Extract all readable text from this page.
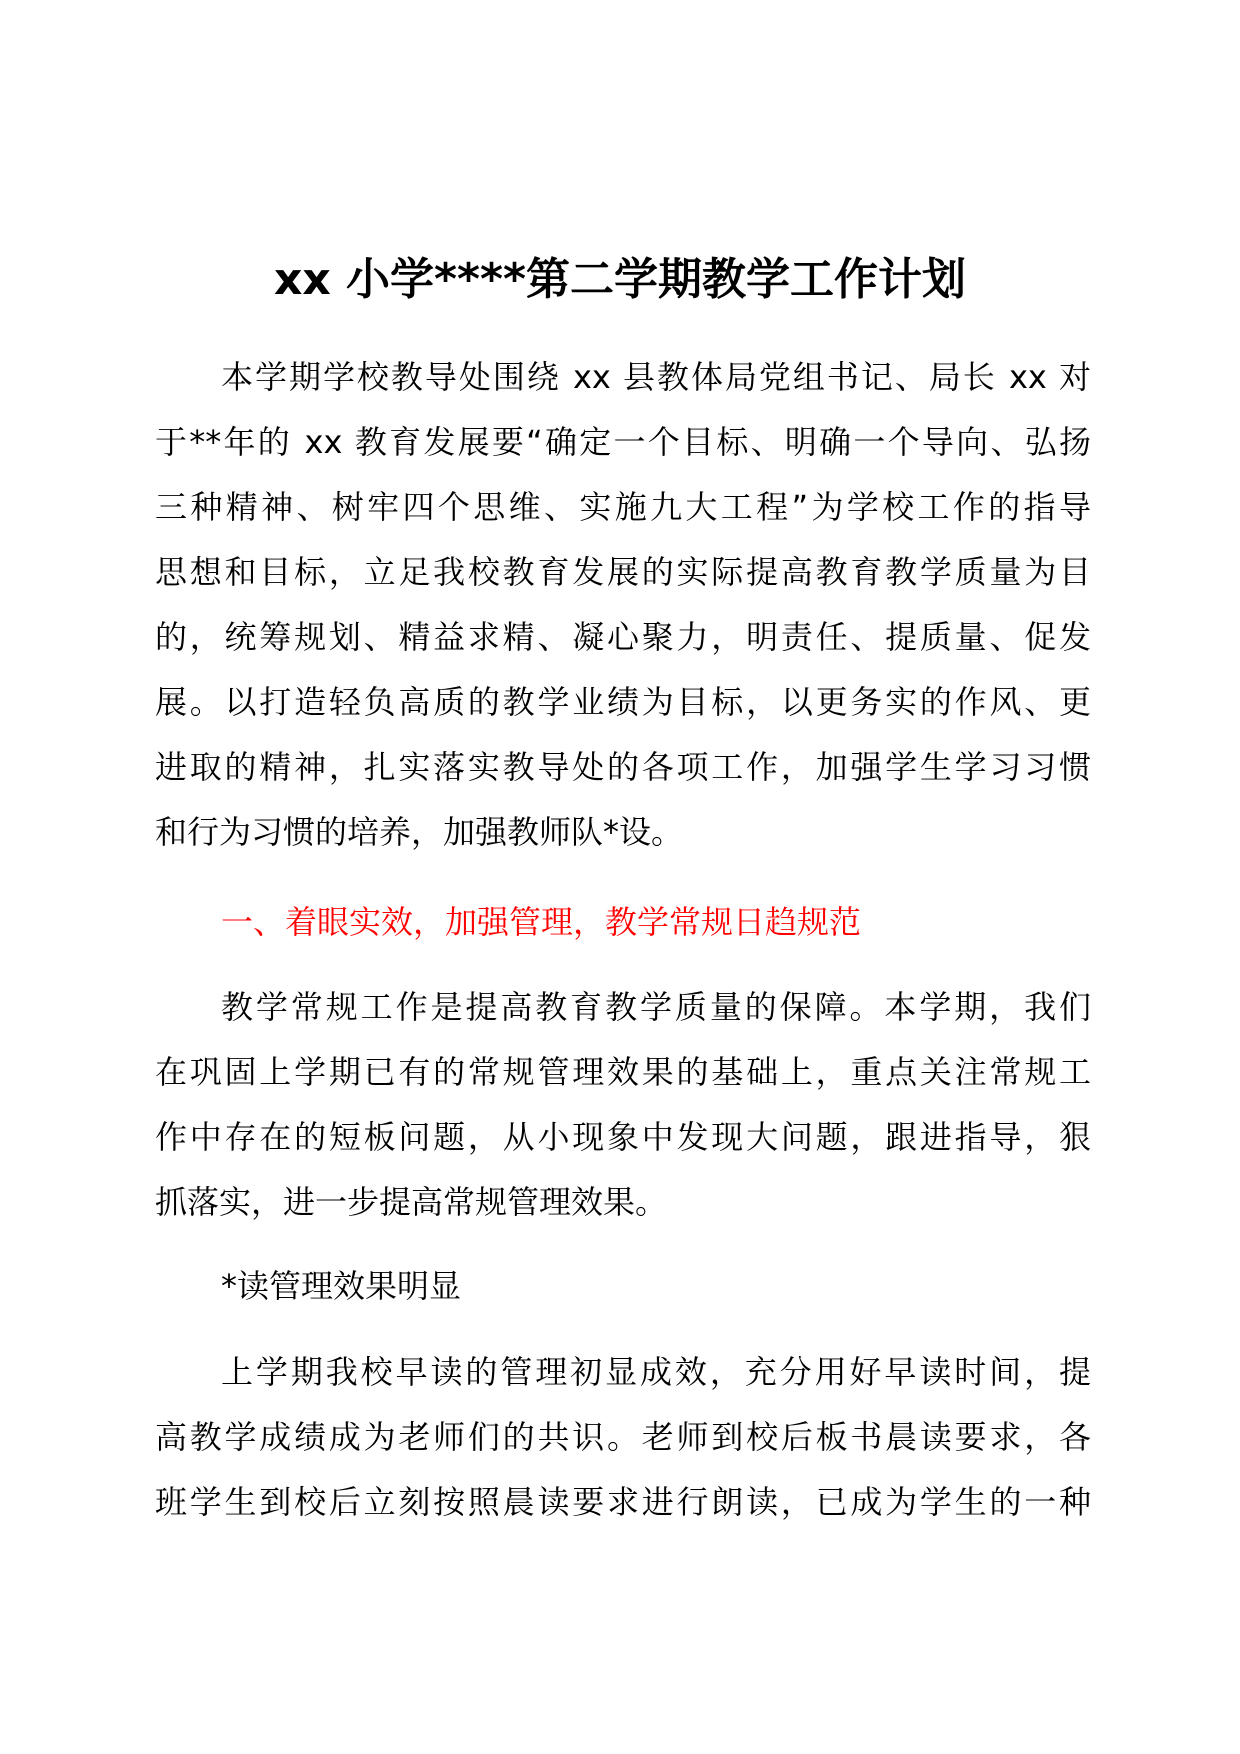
xx 小学****第二学期教学工作计划
本学期学校教导处围绕 xx 县教体局党组书记、局长 xx 对
于**年的 xx 教育发展要“确定一个目标、明确一个导向、弘扬
三种精神、树牢四个思维、实施九大工程”为学校工作的指导
思想和目标，立足我校教育发展的实际提高教育教学质量为目
的，统筹规划、精益求精、凝心聚力，明责任、提质量、促发
展。以打造轻负高质的教学业绩为目标，以更务实的作风、更
进取的精神，扎实落实教导处的各项工作，加强学生学习习惯
和行为习惯的培养，加强教师队*设。
一、着眼实效，加强管理，教学常规日趋规范
教学常规工作是提高教育教学质量的保障。本学期，我们
在巩固上学期已有的常规管理效果的基础上，重点关注常规工
作中存在的短板问题，从小现象中发现大问题，跟进指导，狠
抓落实，进一步提高常规管理效果。
*读管理效果明显
上学期我校早读的管理初显成效，充分用好早读时间，提
高教学成绩成为老师们的共识。老师到校后板书晨读要求，各
班学生到校后立刻按照晨读要求进行朗读，已成为学生的一种
